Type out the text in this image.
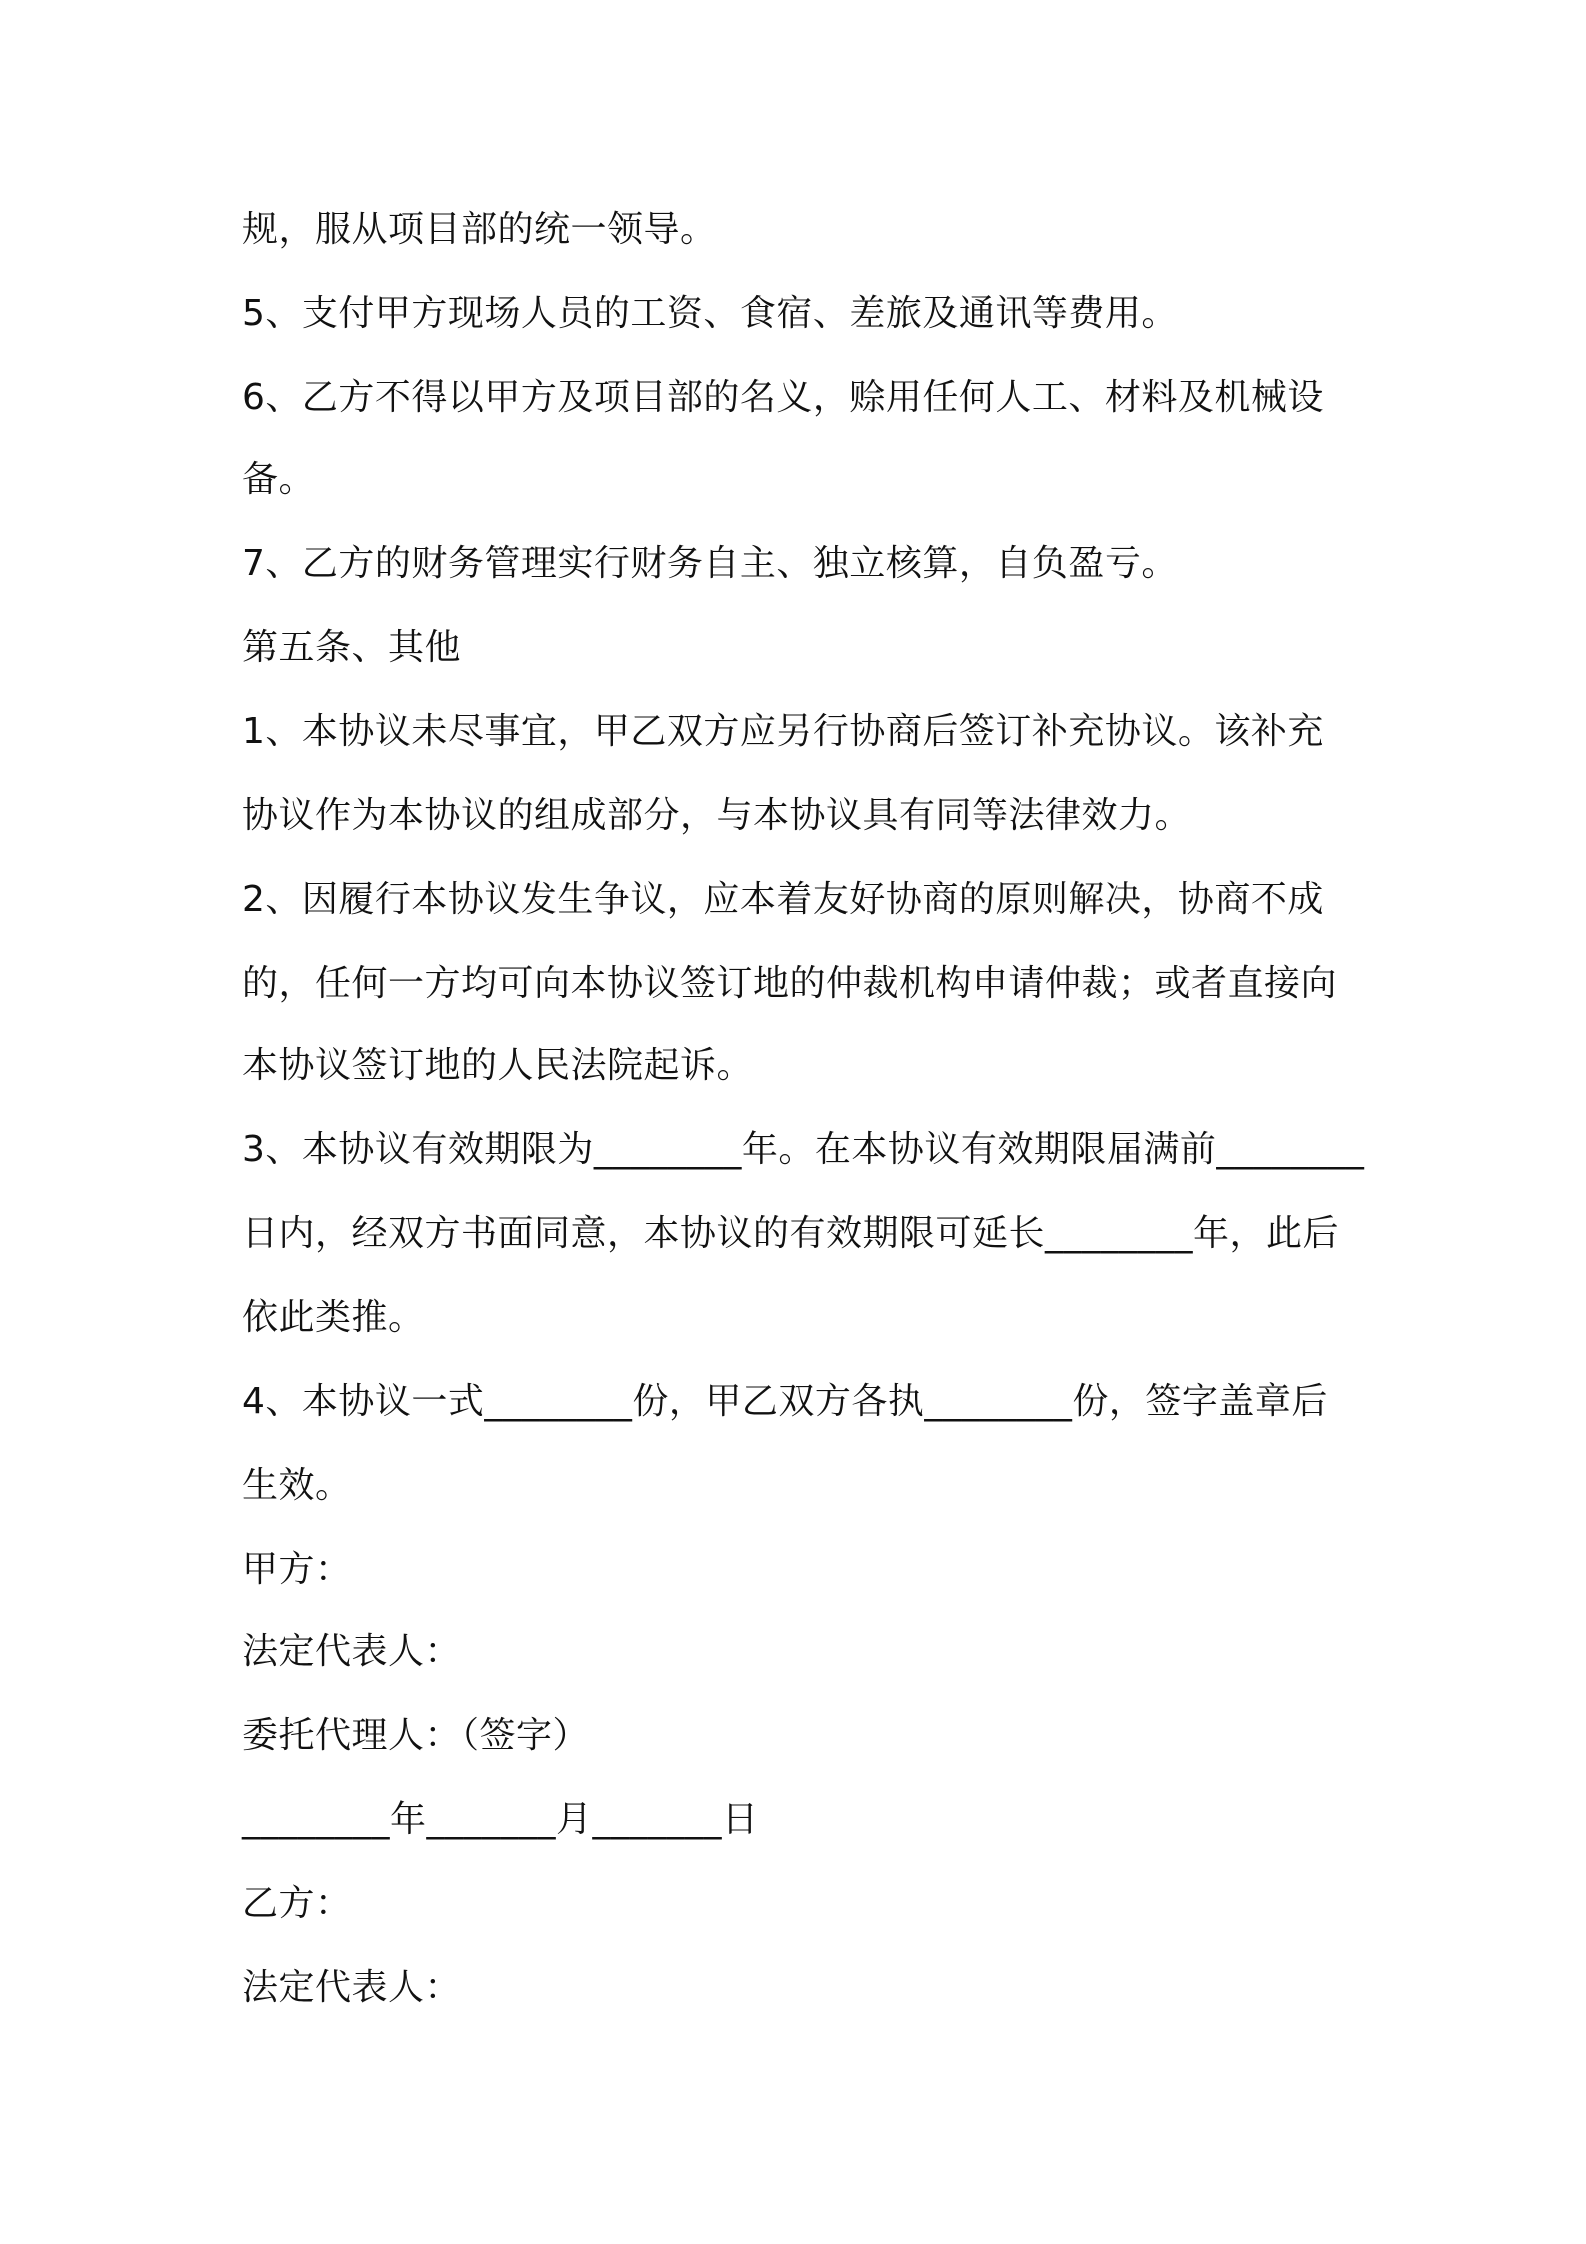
规，服从项目部的统一领导。
5、支付甲方现场人员的工资、食宿、差旅及通讯等费用。
6、乙方不得以甲方及项目部的名义，赊用任何人工、材料及机械设
备。
7、乙方的财务管理实行财务自主、独立核算，自负盈亏。
第五条、其他
1、本协议未尽事宜，甲乙双方应另行协商后签订补充协议。该补充
协议作为本协议的组成部分，与本协议具有同等法律效力。
2、因履行本协议发生争议，应本着友好协商的原则解决，协商不成
的，任何一方均可向本协议签订地的仲裁机构申请仲裁；或者直接向
本协议签订地的人民法院起诉。
3、本协议有效期限为________年。在本协议有效期限届满前________
日内，经双方书面同意，本协议的有效期限可延长________年，此后
依此类推。
4、本协议一式________份，甲乙双方各执________份，签字盖章后
生效。
甲方：
法定代表人：
委托代理人：（签字）
________年_______月_______日
乙方：
法定代表人：
